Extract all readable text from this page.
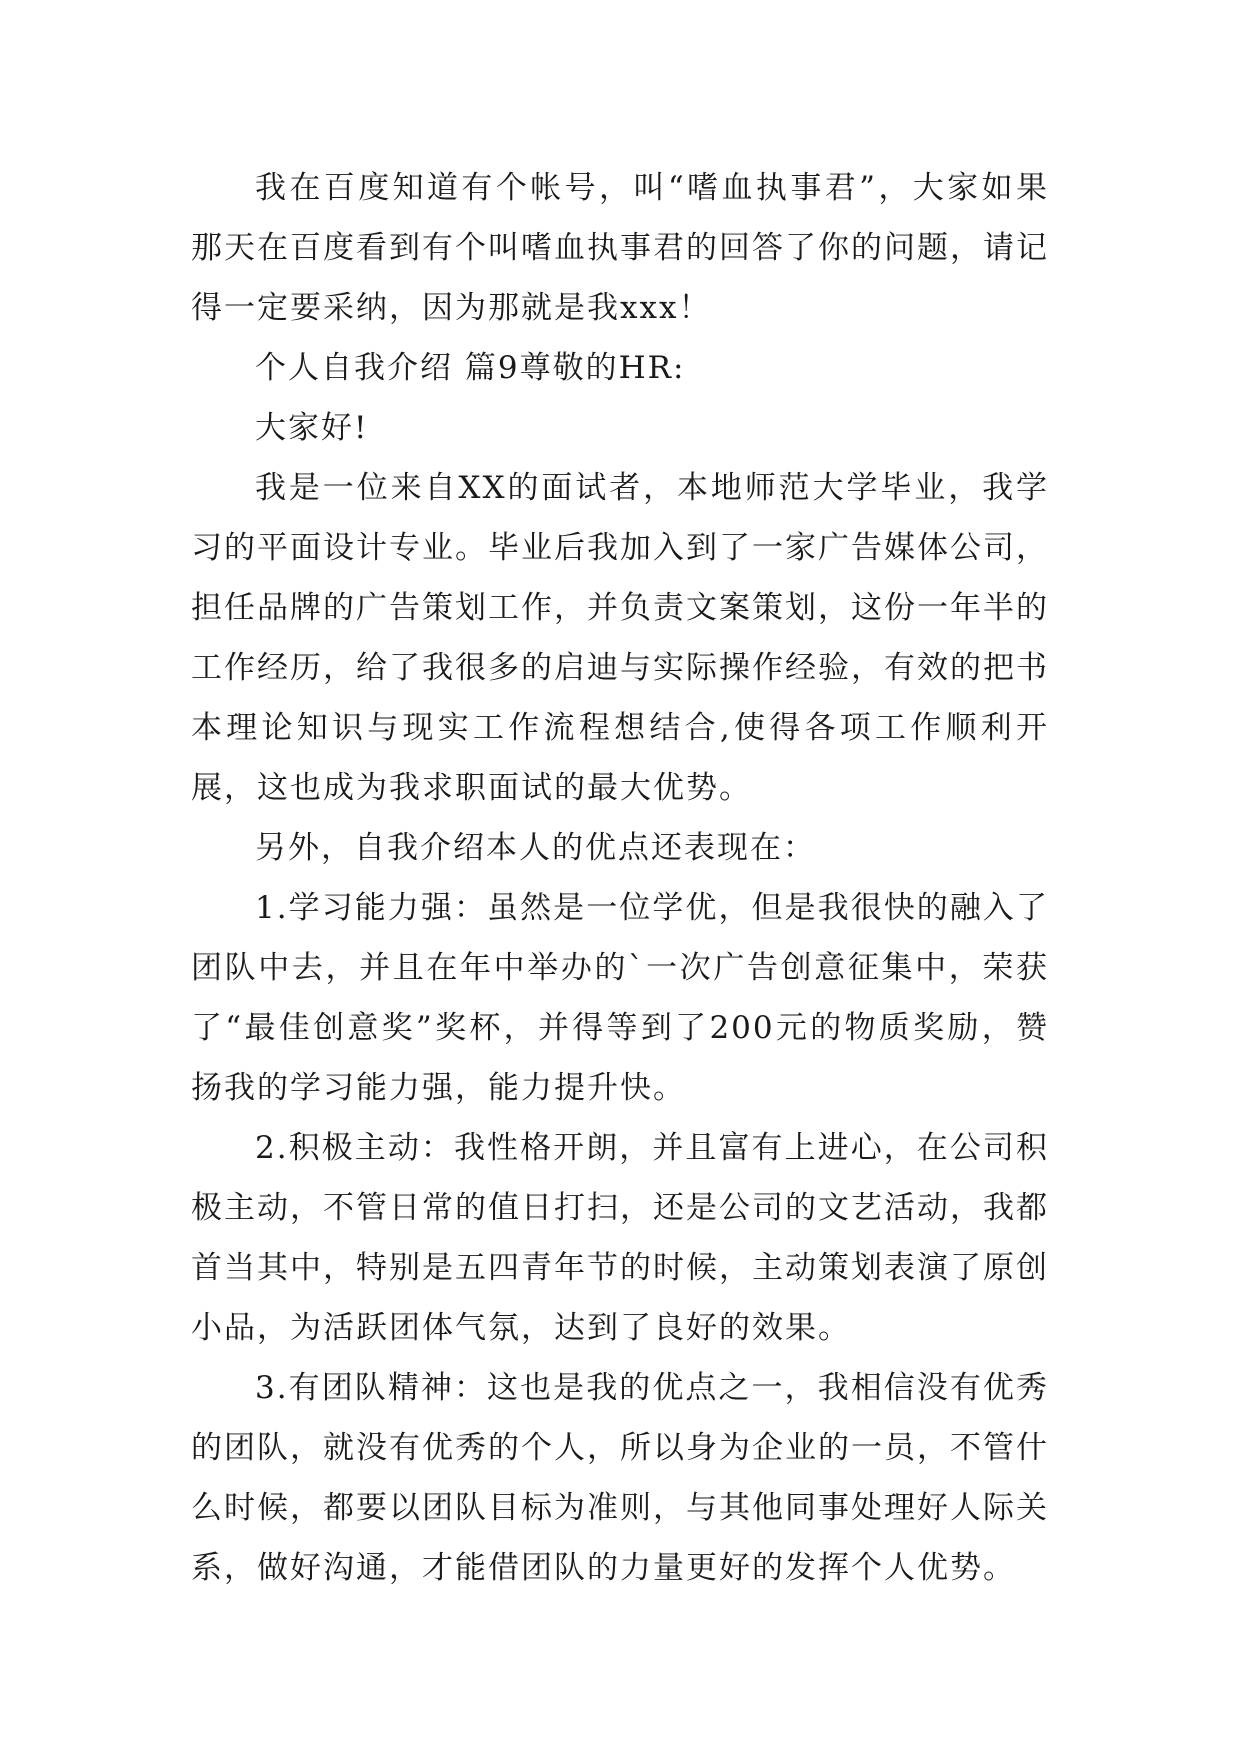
我在百度知道有个帐号，叫“嗜血执事君”，大家如果那天在百度看到有个叫嗜血执事君的回答了你的问题，请记得一定要采纳，因为那就是我xxx！

个人自我介绍 篇9尊敬的HR:

大家好!

我是一位来自XX的面试者，本地师范大学毕业，我学习的平面设计专业。毕业后我加入到了一家广告媒体公司，担任品牌的广告策划工作，并负责文案策划，这份一年半的工作经历，给了我很多的启迪与实际操作经验，有效的把书本理论知识与现实工作流程想结合,使得各项工作顺利开展，这也成为我求职面试的最大优势。

另外，自我介绍本人的优点还表现在：

1.学习能力强：虽然是一位学优，但是我很快的融入了团队中去，并且在年中举办的`一次广告创意征集中，荣获了“最佳创意奖”奖杯，并得等到了200元的物质奖励，赞扬我的学习能力强，能力提升快。

2.积极主动：我性格开朗，并且富有上进心，在公司积极主动，不管日常的值日打扫，还是公司的文艺活动，我都首当其中，特别是五四青年节的时候，主动策划表演了原创小品，为活跃团体气氛，达到了良好的效果。

3.有团队精神：这也是我的优点之一，我相信没有优秀的团队，就没有优秀的个人，所以身为企业的一员，不管什么时候，都要以团队目标为准则，与其他同事处理好人际关系，做好沟通，才能借团队的力量更好的发挥个人优势。
